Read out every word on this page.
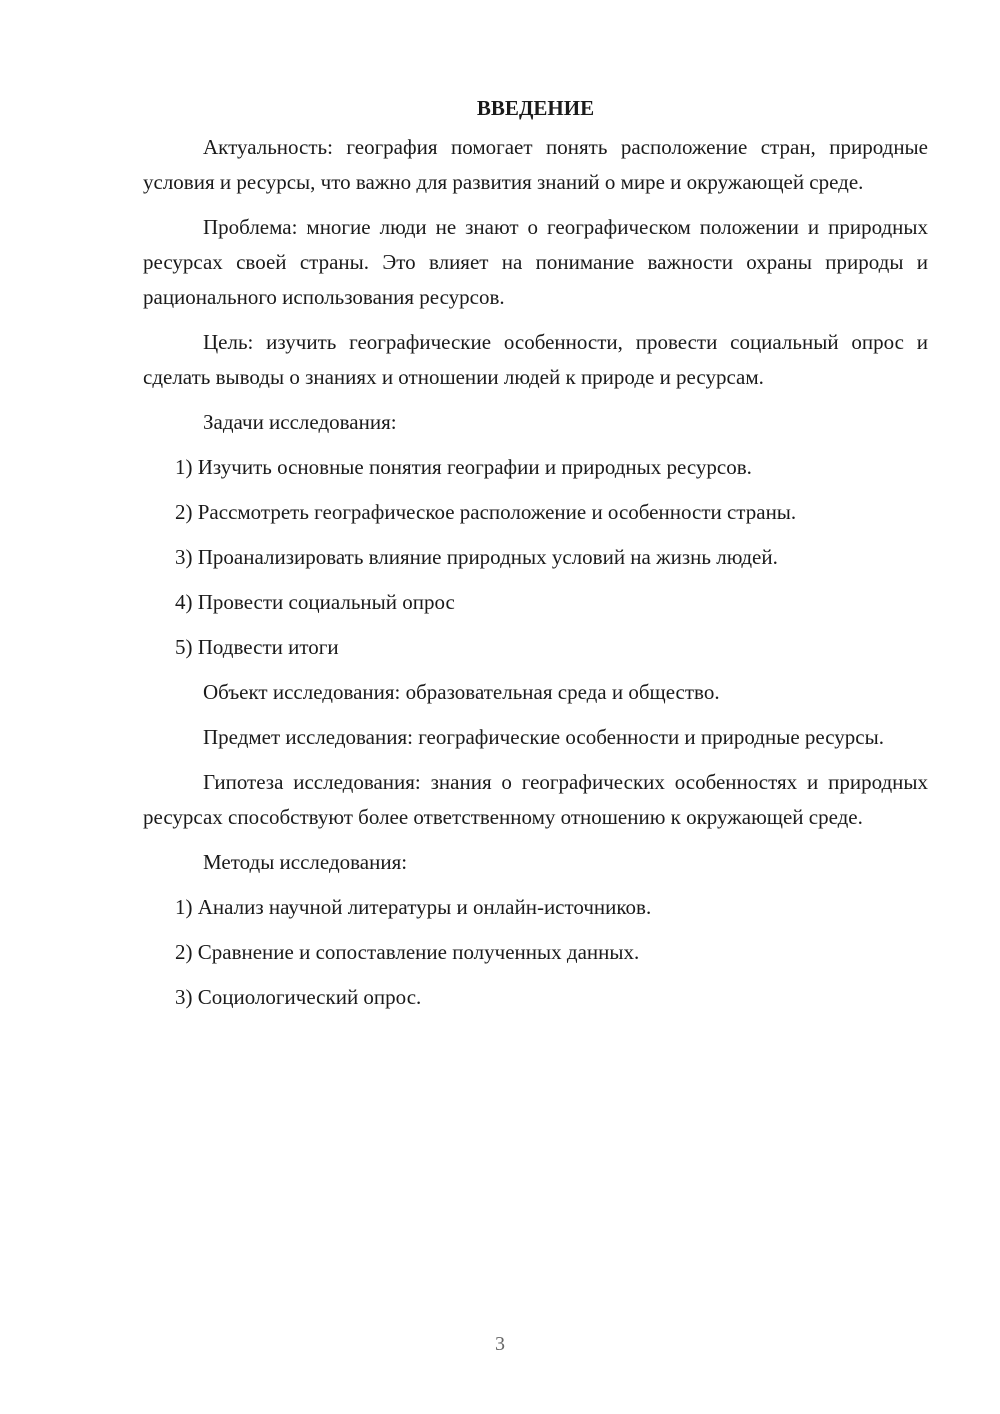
ВВЕДЕНИЕ
Актуальность: география помогает понять расположение стран, природные условия и ресурсы, что важно для развития знаний о мире и окружающей среде.
Проблема: многие люди не знают о географическом положении и природных ресурсах своей страны. Это влияет на понимание важности охраны природы и рационального использования ресурсов.
Цель: изучить географические особенности, провести социальный опрос и сделать выводы о знаниях и отношении людей к природе и ресурсам.
Задачи исследования:
1) Изучить основные понятия географии и природных ресурсов.
2) Рассмотреть географическое расположение и особенности страны.
3) Проанализировать влияние природных условий на жизнь людей.
4) Провести социальный опрос
5) Подвести итоги
Объект исследования: образовательная среда и общество.
Предмет исследования: географические особенности и природные ресурсы.
Гипотеза исследования: знания о географических особенностях и природных ресурсах способствуют более ответственному отношению к окружающей среде.
Методы исследования:
1) Анализ научной литературы и онлайн-источников.
2) Сравнение и сопоставление полученных данных.
3) Социологический опрос.
3
